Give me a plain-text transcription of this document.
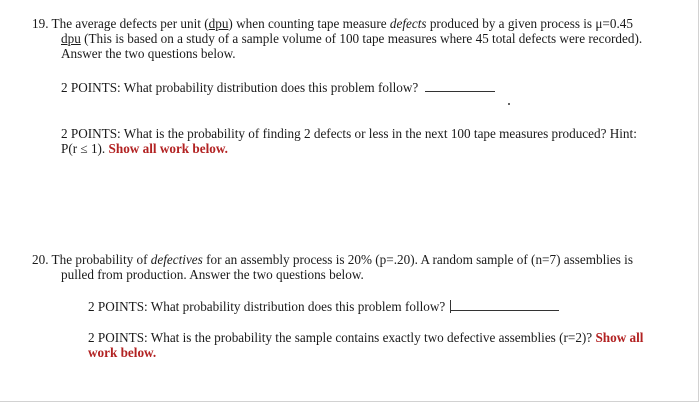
19. The average defects per unit (dpu) when counting tape measure defects produced by a given process is μ=0.45
dpu (This is based on a study of a sample volume of 100 tape measures where 45 total defects were recorded).
Answer the two questions below.
2 POINTS: What probability distribution does this problem follow?
2 POINTS: What is the probability of finding 2 defects or less in the next 100 tape measures produced? Hint:
P(r ≤ 1). Show all work below.
20. The probability of defectives for an assembly process is 20% (p=.20). A random sample of (n=7) assemblies is
pulled from production. Answer the two questions below.
2 POINTS: What probability distribution does this problem follow?
2 POINTS: What is the probability the sample contains exactly two defective assemblies (r=2)? Show all
work below.
